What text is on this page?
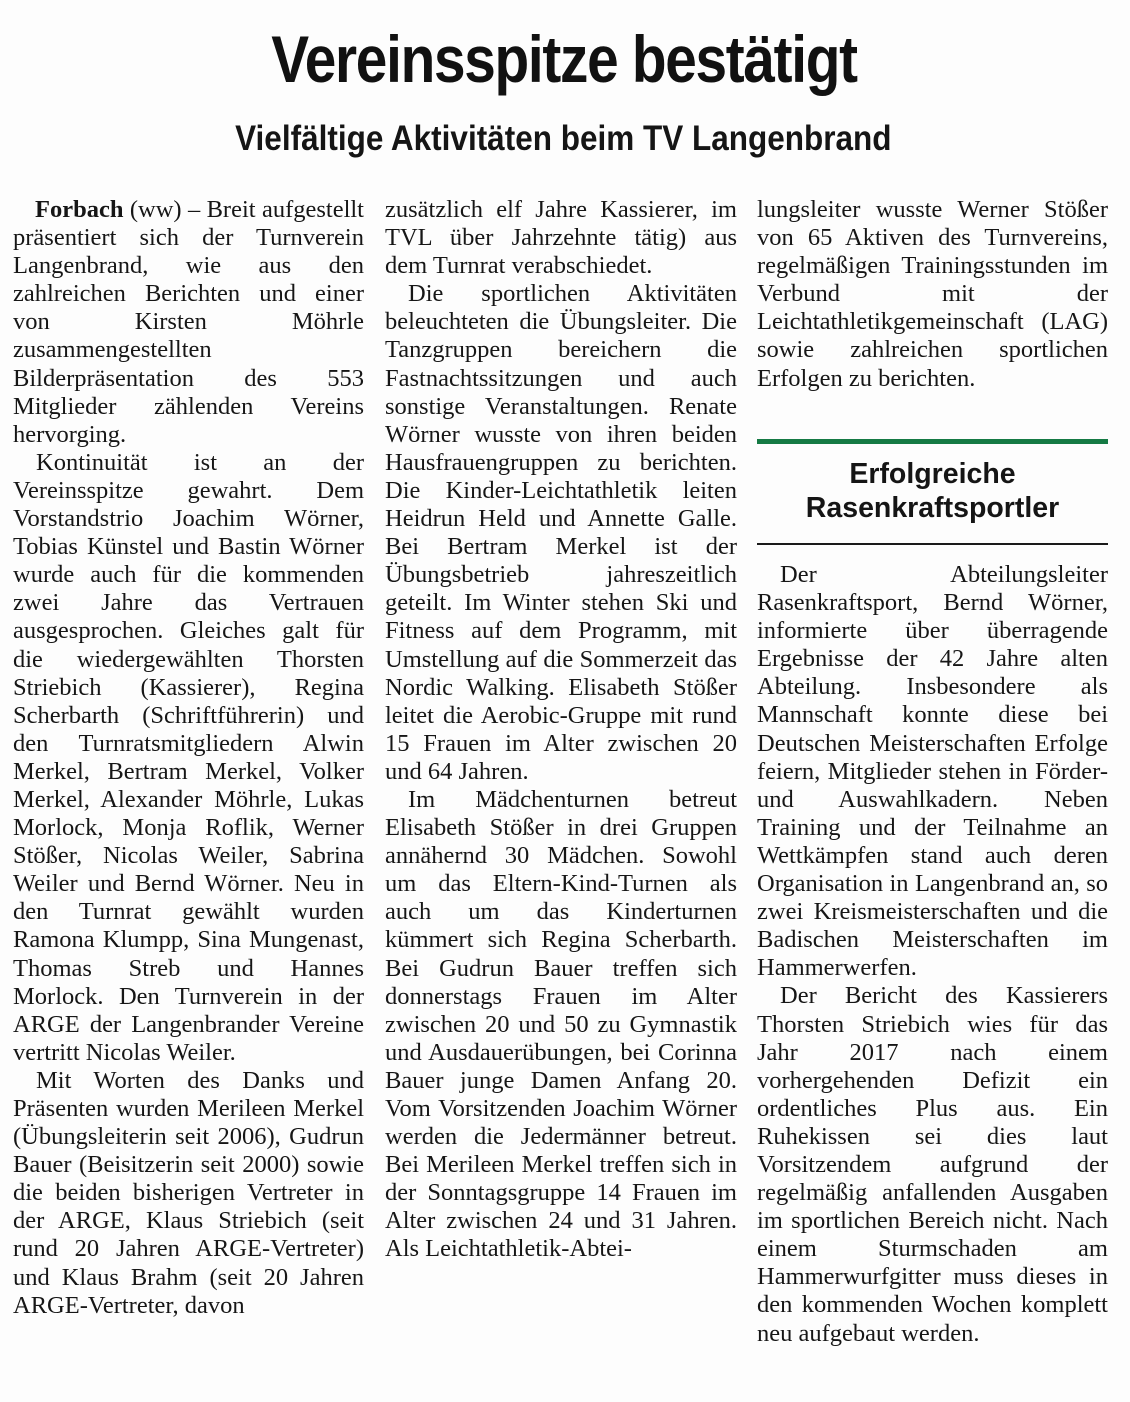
Vereinsspitze bestätigt
Vielfältige Aktivitäten beim TV Langenbrand

Forbach (ww) – Breit aufgestellt präsentiert sich der Turnverein Langenbrand, wie aus den zahlreichen Berichten und einer von Kirsten Möhrle zusammengestellten Bilderpräsentation des 553 Mitglieder zählenden Vereins hervorging.

Kontinuität ist an der Vereinsspitze gewahrt. Dem Vorstandstrio Joachim Wörner, Tobias Künstel und Bastin Wörner wurde auch für die kommenden zwei Jahre das Vertrauen ausgesprochen. Gleiches galt für die wiedergewählten Thorsten Striebich (Kassierer), Regina Scherbarth (Schriftführerin) und den Turnratsmitgliedern Alwin Merkel, Bertram Merkel, Volker Merkel, Alexander Möhrle, Lukas Morlock, Monja Roflik, Werner Stößer, Nicolas Weiler, Sabrina Weiler und Bernd Wörner. Neu in den Turnrat gewählt wurden Ramona Klumpp, Sina Mungenast, Thomas Streb und Hannes Morlock. Den Turnverein in der ARGE der Langenbrander Vereine vertritt Nicolas Weiler.

Mit Worten des Danks und Präsenten wurden Merileen Merkel (Übungsleiterin seit 2006), Gudrun Bauer (Beisitzerin seit 2000) sowie die beiden bisherigen Vertreter in der ARGE, Klaus Striebich (seit rund 20 Jahren ARGE-Vertreter) und Klaus Brahm (seit 20 Jahren ARGE-Vertreter, davon

zusätzlich elf Jahre Kassierer, im TVL über Jahrzehnte tätig) aus dem Turnrat verabschiedet.

Die sportlichen Aktivitäten beleuchteten die Übungsleiter. Die Tanzgruppen bereichern die Fastnachtssitzungen und auch sonstige Veranstaltungen. Renate Wörner wusste von ihren beiden Hausfrauengruppen zu berichten. Die Kinder-Leichtathletik leiten Heidrun Held und Annette Galle. Bei Bertram Merkel ist der Übungsbetrieb jahreszeitlich geteilt. Im Winter stehen Ski und Fitness auf dem Programm, mit Umstellung auf die Sommerzeit das Nordic Walking. Elisabeth Stößer leitet die Aerobic-Gruppe mit rund 15 Frauen im Alter zwischen 20 und 64 Jahren.

Im Mädchenturnen betreut Elisabeth Stößer in drei Gruppen annähernd 30 Mädchen. Sowohl um das Eltern-Kind-Turnen als auch um das Kinderturnen kümmert sich Regina Scherbarth. Bei Gudrun Bauer treffen sich donnerstags Frauen im Alter zwischen 20 und 50 zu Gymnastik und Ausdauerübungen, bei Corinna Bauer junge Damen Anfang 20. Vom Vorsitzenden Joachim Wörner werden die Jedermänner betreut. Bei Merileen Merkel treffen sich in der Sonntagsgruppe 14 Frauen im Alter zwischen 24 und 31 Jahren. Als Leichtathletik-Abtei-

lungsleiter wusste Werner Stößer von 65 Aktiven des Turnvereins, regelmäßigen Trainingsstunden im Verbund mit der Leichtathletikgemeinschaft (LAG) sowie zahlreichen sportlichen Erfolgen zu berichten.

Erfolgreiche
Rasenkraftsportler

Der Abteilungsleiter Rasenkraftsport, Bernd Wörner, informierte über überragende Ergebnisse der 42 Jahre alten Abteilung. Insbesondere als Mannschaft konnte diese bei Deutschen Meisterschaften Erfolge feiern, Mitglieder stehen in Förder- und Auswahlkadern. Neben Training und der Teilnahme an Wettkämpfen stand auch deren Organisation in Langenbrand an, so zwei Kreismeisterschaften und die Badischen Meisterschaften im Hammerwerfen.

Der Bericht des Kassierers Thorsten Striebich wies für das Jahr 2017 nach einem vorhergehenden Defizit ein ordentliches Plus aus. Ein Ruhekissen sei dies laut Vorsitzendem aufgrund der regelmäßig anfallenden Ausgaben im sportlichen Bereich nicht. Nach einem Sturmschaden am Hammerwurfgitter muss dieses in den kommenden Wochen komplett neu aufgebaut werden.
